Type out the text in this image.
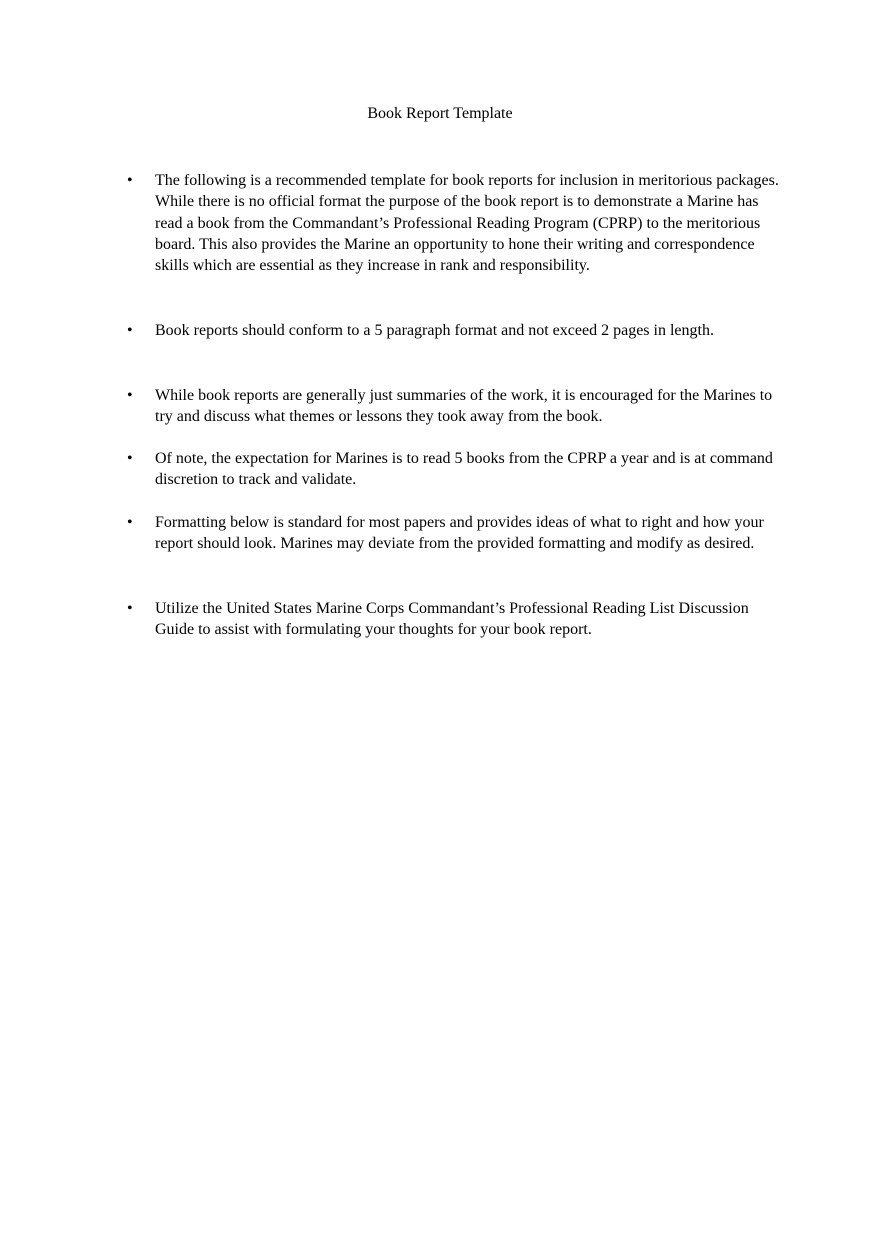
Book Report Template
•	The following is a recommended template for book reports for inclusion in meritorious packages. While there is no official format the purpose of the book report is to demonstrate a Marine has read a book from the Commandant’s Professional Reading Program (CPRP) to the meritorious board. This also provides the Marine an opportunity to hone their writing and correspondence skills which are essential as they increase in rank and responsibility.
•	Book reports should conform to a 5 paragraph format and not exceed 2 pages in length.
•	While book reports are generally just summaries of the work, it is encouraged for the Marines to try and discuss what themes or lessons they took away from the book.
•	Of note, the expectation for Marines is to read 5 books from the CPRP a year and is at command discretion to track and validate.
•	Formatting below is standard for most papers and provides ideas of what to right and how your report should look. Marines may deviate from the provided formatting and modify as desired.
•	Utilize the United States Marine Corps Commandant’s Professional Reading List Discussion Guide to assist with formulating your thoughts for your book report.
